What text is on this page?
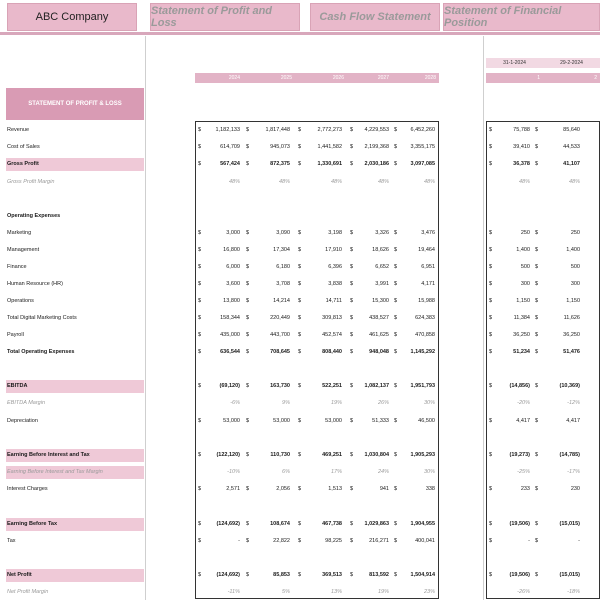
ABC Company	Statement of Profit and Loss	Cash Flow Statement	Statement of Financial Position
2024	2025	2026	2027	2028
31-1-2024	29-2-2024
1	2
STATEMENT OF PROFIT & LOSS
Revenue	$	1,182,133 $	1,817,448 $	2,772,273 $	4,229,553 $	6,452,260	$	75,788 $	85,640
Cost of Sales	$	614,709 $	945,073 $	1,441,582 $	2,199,368 $	3,355,175	$	39,410 $	44,533
Gross Profit	$	567,424 $	872,375 $	1,330,691 $	2,030,186 $	3,097,085	$	36,378 $	41,107
Gross Profit Margin	48%	48%	48%	48%	48%	48%	48%
Operating Expenses
Marketing	$	3,000 $	3,090 $	3,198 $	3,326 $	3,476	$	250 $	250
Management	$	16,800 $	17,304 $	17,910 $	18,626 $	19,464	$	1,400 $	1,400
Finance	$	6,000 $	6,180 $	6,396 $	6,652 $	6,951	$	500 $	500
Human Resource (HR)	$	3,600 $	3,708 $	3,838 $	3,991 $	4,171	$	300 $	300
Operations	$	13,800 $	14,214 $	14,711 $	15,300 $	15,988	$	1,150 $	1,150
Total Digital Marketing Costs	$	158,344 $	220,449 $	309,813 $	438,527 $	624,383	$	11,384 $	11,626
Payroll	$	435,000 $	443,700 $	452,574 $	461,625 $	470,858	$	36,250 $	36,250
Total Operating Expenses	$	636,544 $	708,645 $	808,440 $	948,048 $	1,145,292	$	51,234 $	51,476
EBITDA	$	(69,120) $	163,730 $	522,251 $	1,082,137 $	1,951,793	$	(14,856) $	(10,369)
EBITDA Margin	-6%	9%	19%	26%	30%	-20%	-12%
Depreciation	$	53,000 $	53,000 $	53,000 $	51,333 $	46,500	$	4,417 $	4,417
Earning Before Interest and Tax	$	(122,120) $	110,730 $	469,251 $	1,030,804 $	1,905,293	$	(19,273) $	(14,785)
Earning Before Interest and Tax Margin	-10%	6%	17%	24%	30%	-25%	-17%
Interest Charges	$	2,571 $	2,056 $	1,513 $	941 $	338	$	233 $	230
Earning Before Tax	$	(124,692) $	108,674 $	467,738 $	1,029,863 $	1,904,955	$	(19,506) $	(15,015)
Tax	$	- $	22,822 $	98,225 $	216,271 $	400,041	$	- $	-
Net Profit	$	(124,692) $	85,853 $	369,513 $	813,592 $	1,504,914	$	(19,506) $	(15,015)
Net Profit Margin	-11%	5%	13%	19%	23%	-26%	-18%
